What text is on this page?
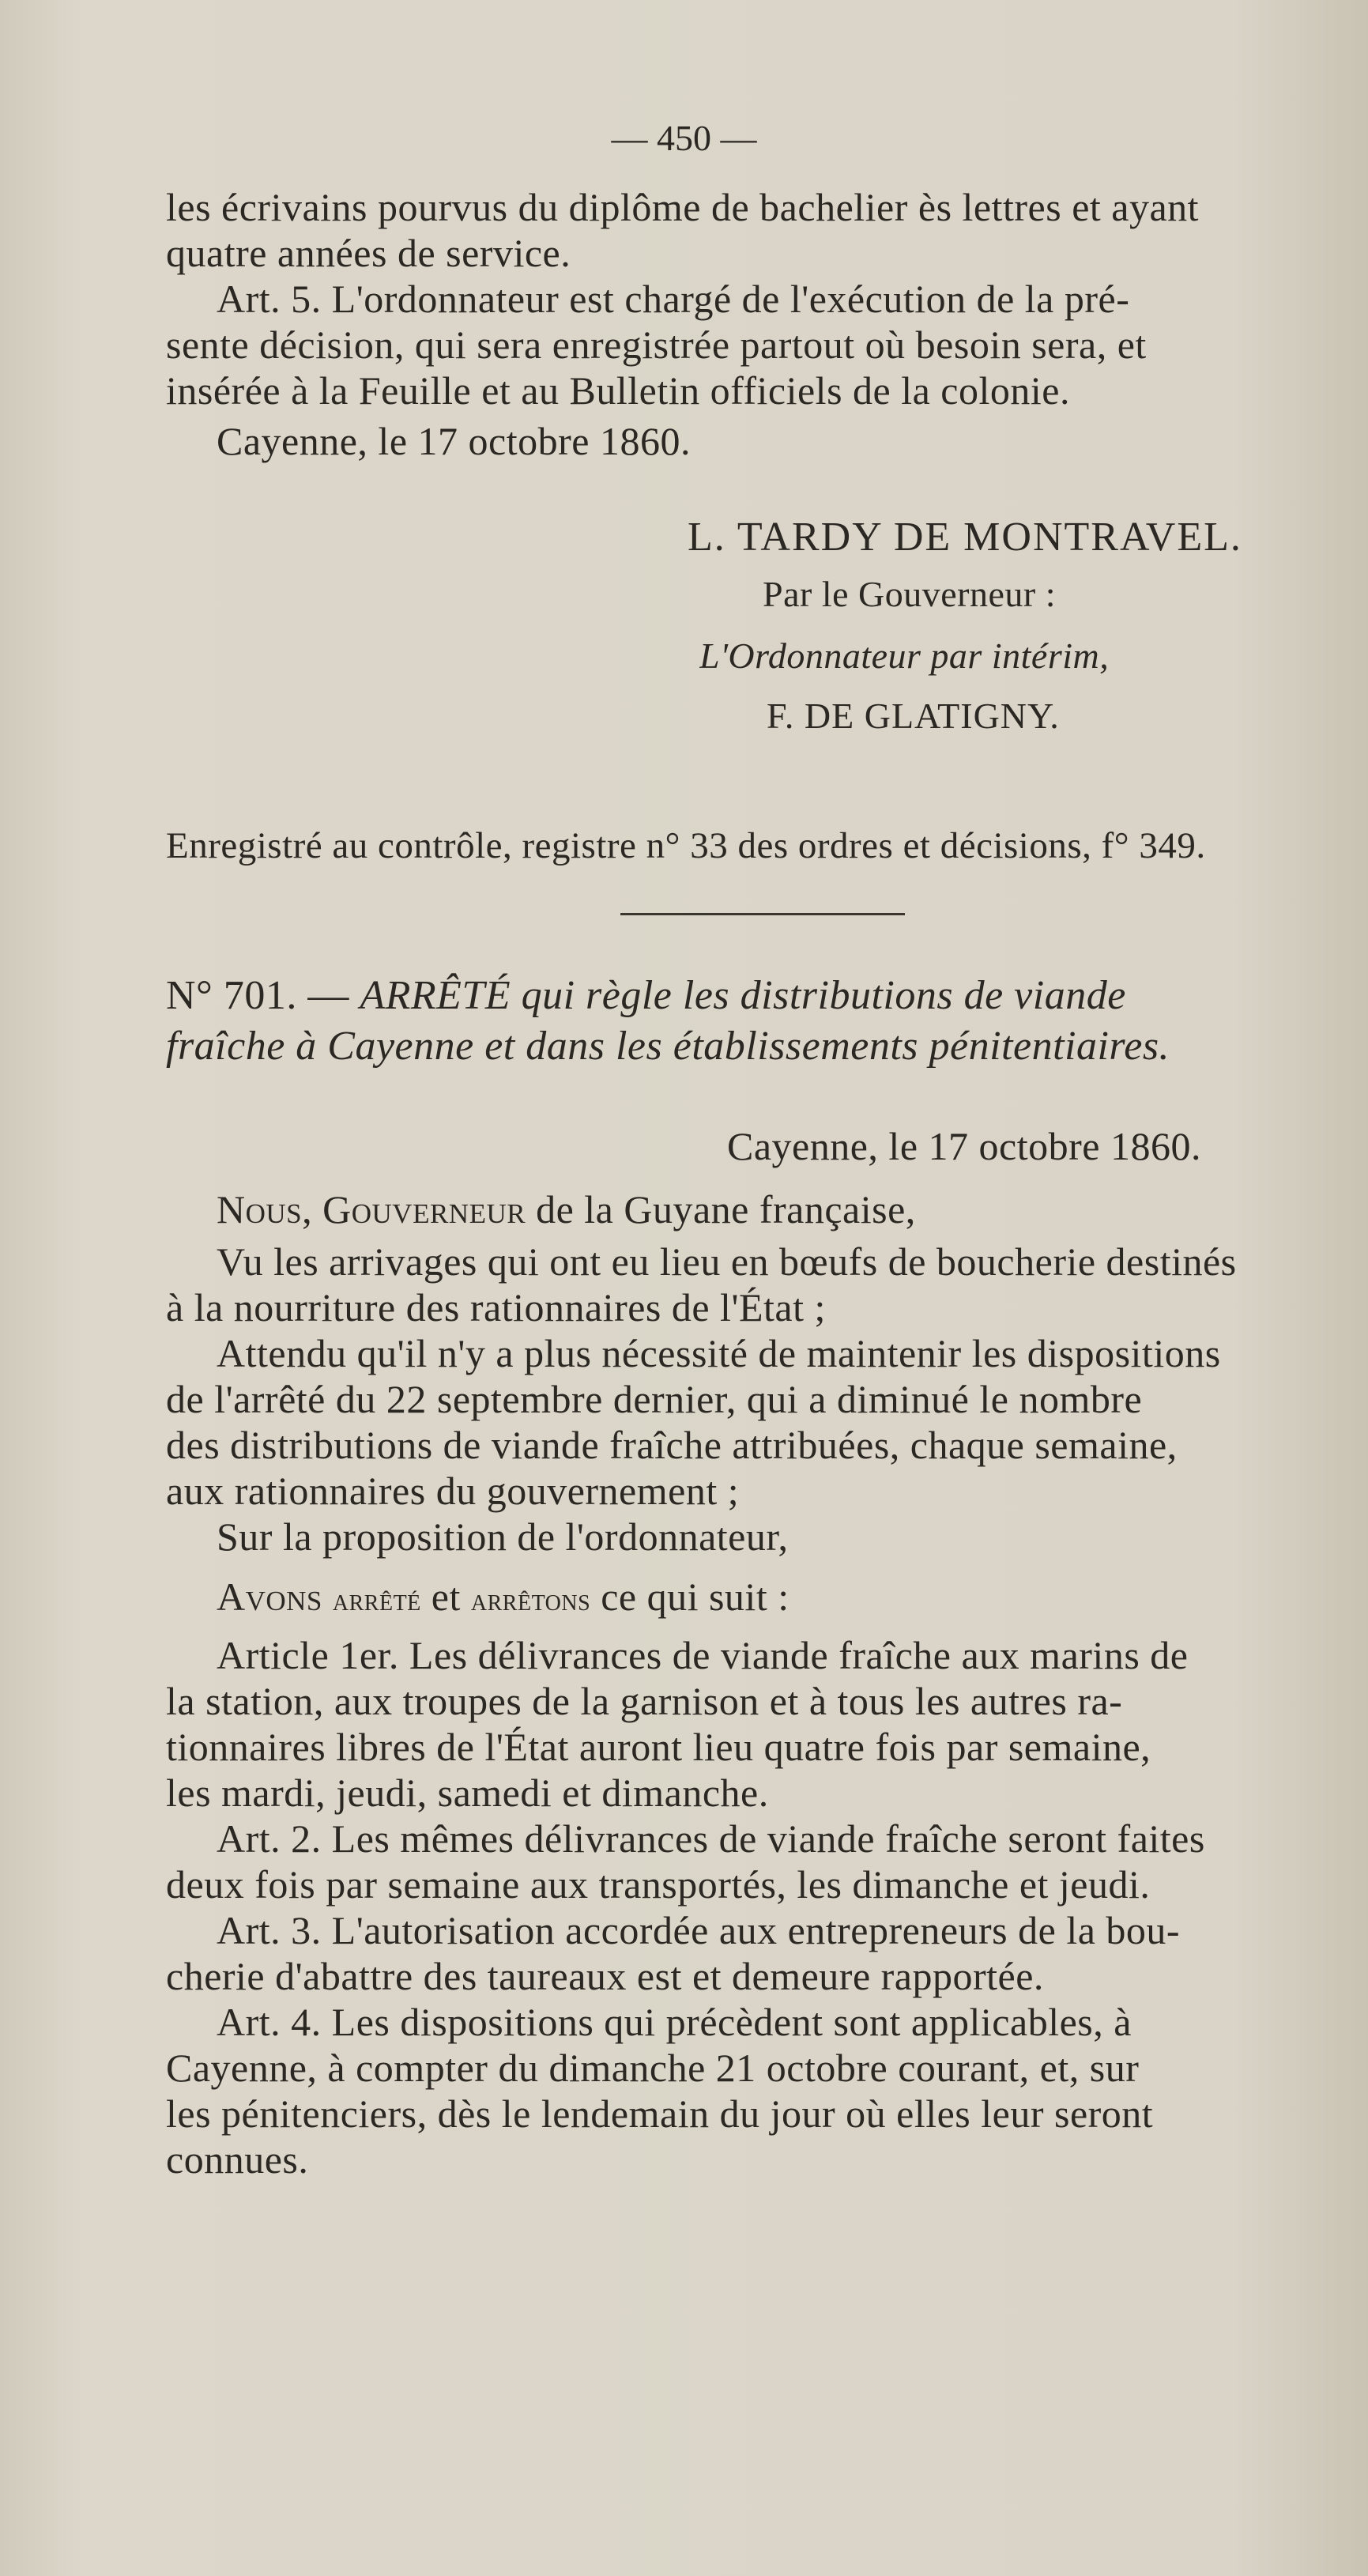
— 450 —
les écrivains pourvus du diplôme de bachelier ès lettres et ayant
quatre années de service.
Art. 5. L'ordonnateur est chargé de l'exécution de la pré-
sente décision, qui sera enregistrée partout où besoin sera, et
insérée à la Feuille et au Bulletin officiels de la colonie.
Cayenne, le 17 octobre 1860.
L. TARDY DE MONTRAVEL.
Par le Gouverneur :
L'Ordonnateur par intérim,
F. DE GLATIGNY.
Enregistré au contrôle, registre n° 33 des ordres et décisions, f° 349.
N° 701. — ARRÊTÉ qui règle les distributions de viande
fraîche à Cayenne et dans les établissements pénitentiaires.
Cayenne, le 17 octobre 1860.
Nous, Gouverneur de la Guyane française,
Vu les arrivages qui ont eu lieu en bœufs de boucherie destinés
à la nourriture des rationnaires de l'État ;
Attendu qu'il n'y a plus nécessité de maintenir les dispositions
de l'arrêté du 22 septembre dernier, qui a diminué le nombre
des distributions de viande fraîche attribuées, chaque semaine,
aux rationnaires du gouvernement ;
Sur la proposition de l'ordonnateur,
Avons arrêté et arrêtons ce qui suit :
Article 1er. Les délivrances de viande fraîche aux marins de
la station, aux troupes de la garnison et à tous les autres ra-
tionnaires libres de l'État auront lieu quatre fois par semaine,
les mardi, jeudi, samedi et dimanche.
Art. 2. Les mêmes délivrances de viande fraîche seront faites
deux fois par semaine aux transportés, les dimanche et jeudi.
Art. 3. L'autorisation accordée aux entrepreneurs de la bou-
cherie d'abattre des taureaux est et demeure rapportée.
Art. 4. Les dispositions qui précèdent sont applicables, à
Cayenne, à compter du dimanche 21 octobre courant, et, sur
les pénitenciers, dès le lendemain du jour où elles leur seront
connues.
